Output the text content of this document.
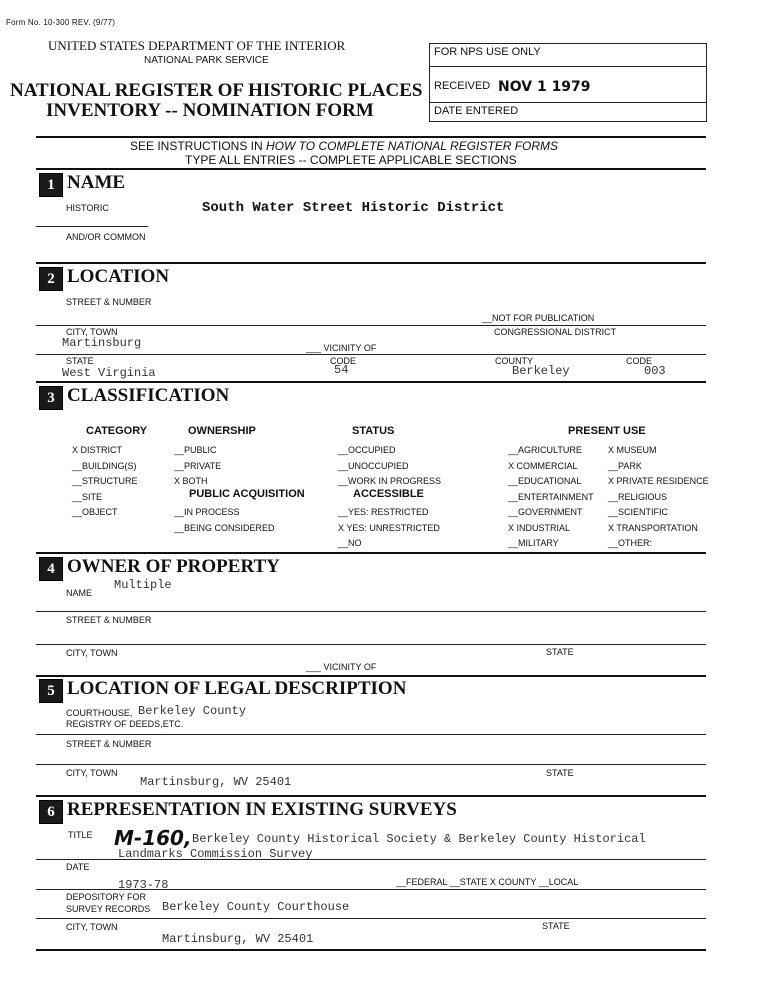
Form No. 10-300 REV. (9/77)
UNITED STATES DEPARTMENT OF THE INTERIOR
NATIONAL PARK SERVICE
NATIONAL REGISTER OF HISTORIC PLACES
INVENTORY -- NOMINATION FORM
FOR NPS USE ONLY
RECEIVED NOV 1 1979
DATE ENTERED
SEE INSTRUCTIONS IN HOW TO COMPLETE NATIONAL REGISTER FORMS
TYPE ALL ENTRIES -- COMPLETE APPLICABLE SECTIONS
1 NAME
HISTORIC	South Water Street Historic District
AND/OR COMMON
2 LOCATION
STREET & NUMBER
__NOT FOR PUBLICATION
CITY, TOWN	CONGRESSIONAL DISTRICT
Martinsburg	___ VICINITY OF
STATE	CODE	COUNTY	CODE
West Virginia	54	Berkeley	003
3 CLASSIFICATION
CATEGORY
X DISTRICT
__BUILDING(S)
__STRUCTURE
__SITE
__OBJECT
OWNERSHIP
__PUBLIC
__PRIVATE
X BOTH
PUBLIC ACQUISITION
__IN PROCESS
__BEING CONSIDERED
STATUS
__OCCUPIED
__UNOCCUPIED
__WORK IN PROGRESS
ACCESSIBLE
__YES: RESTRICTED
X YES: UNRESTRICTED
__NO
PRESENT USE
__AGRICULTURE
X COMMERCIAL
__EDUCATIONAL
__ENTERTAINMENT
__GOVERNMENT
X INDUSTRIAL
__MILITARY
X MUSEUM
__PARK
X PRIVATE RESIDENCE
__RELIGIOUS
__SCIENTIFIC
X TRANSPORTATION
__OTHER:
4 OWNER OF PROPERTY
Multiple
NAME
STREET & NUMBER
CITY, TOWN	STATE
___ VICINITY OF
5 LOCATION OF LEGAL DESCRIPTION
COURTHOUSE, Berkeley County
REGISTRY OF DEEDS,ETC.
STREET & NUMBER
CITY, TOWN	STATE
Martinsburg, WV 25401
6 REPRESENTATION IN EXISTING SURVEYS
TITLE M-160, Berkeley County Historical Society & Berkeley County Historical
Landmarks Commission Survey
DATE
1973-78	__FEDERAL __STATE X COUNTY __LOCAL
DEPOSITORY FOR
SURVEY RECORDS Berkeley County Courthouse
CITY, TOWN	STATE
Martinsburg, WV 25401
